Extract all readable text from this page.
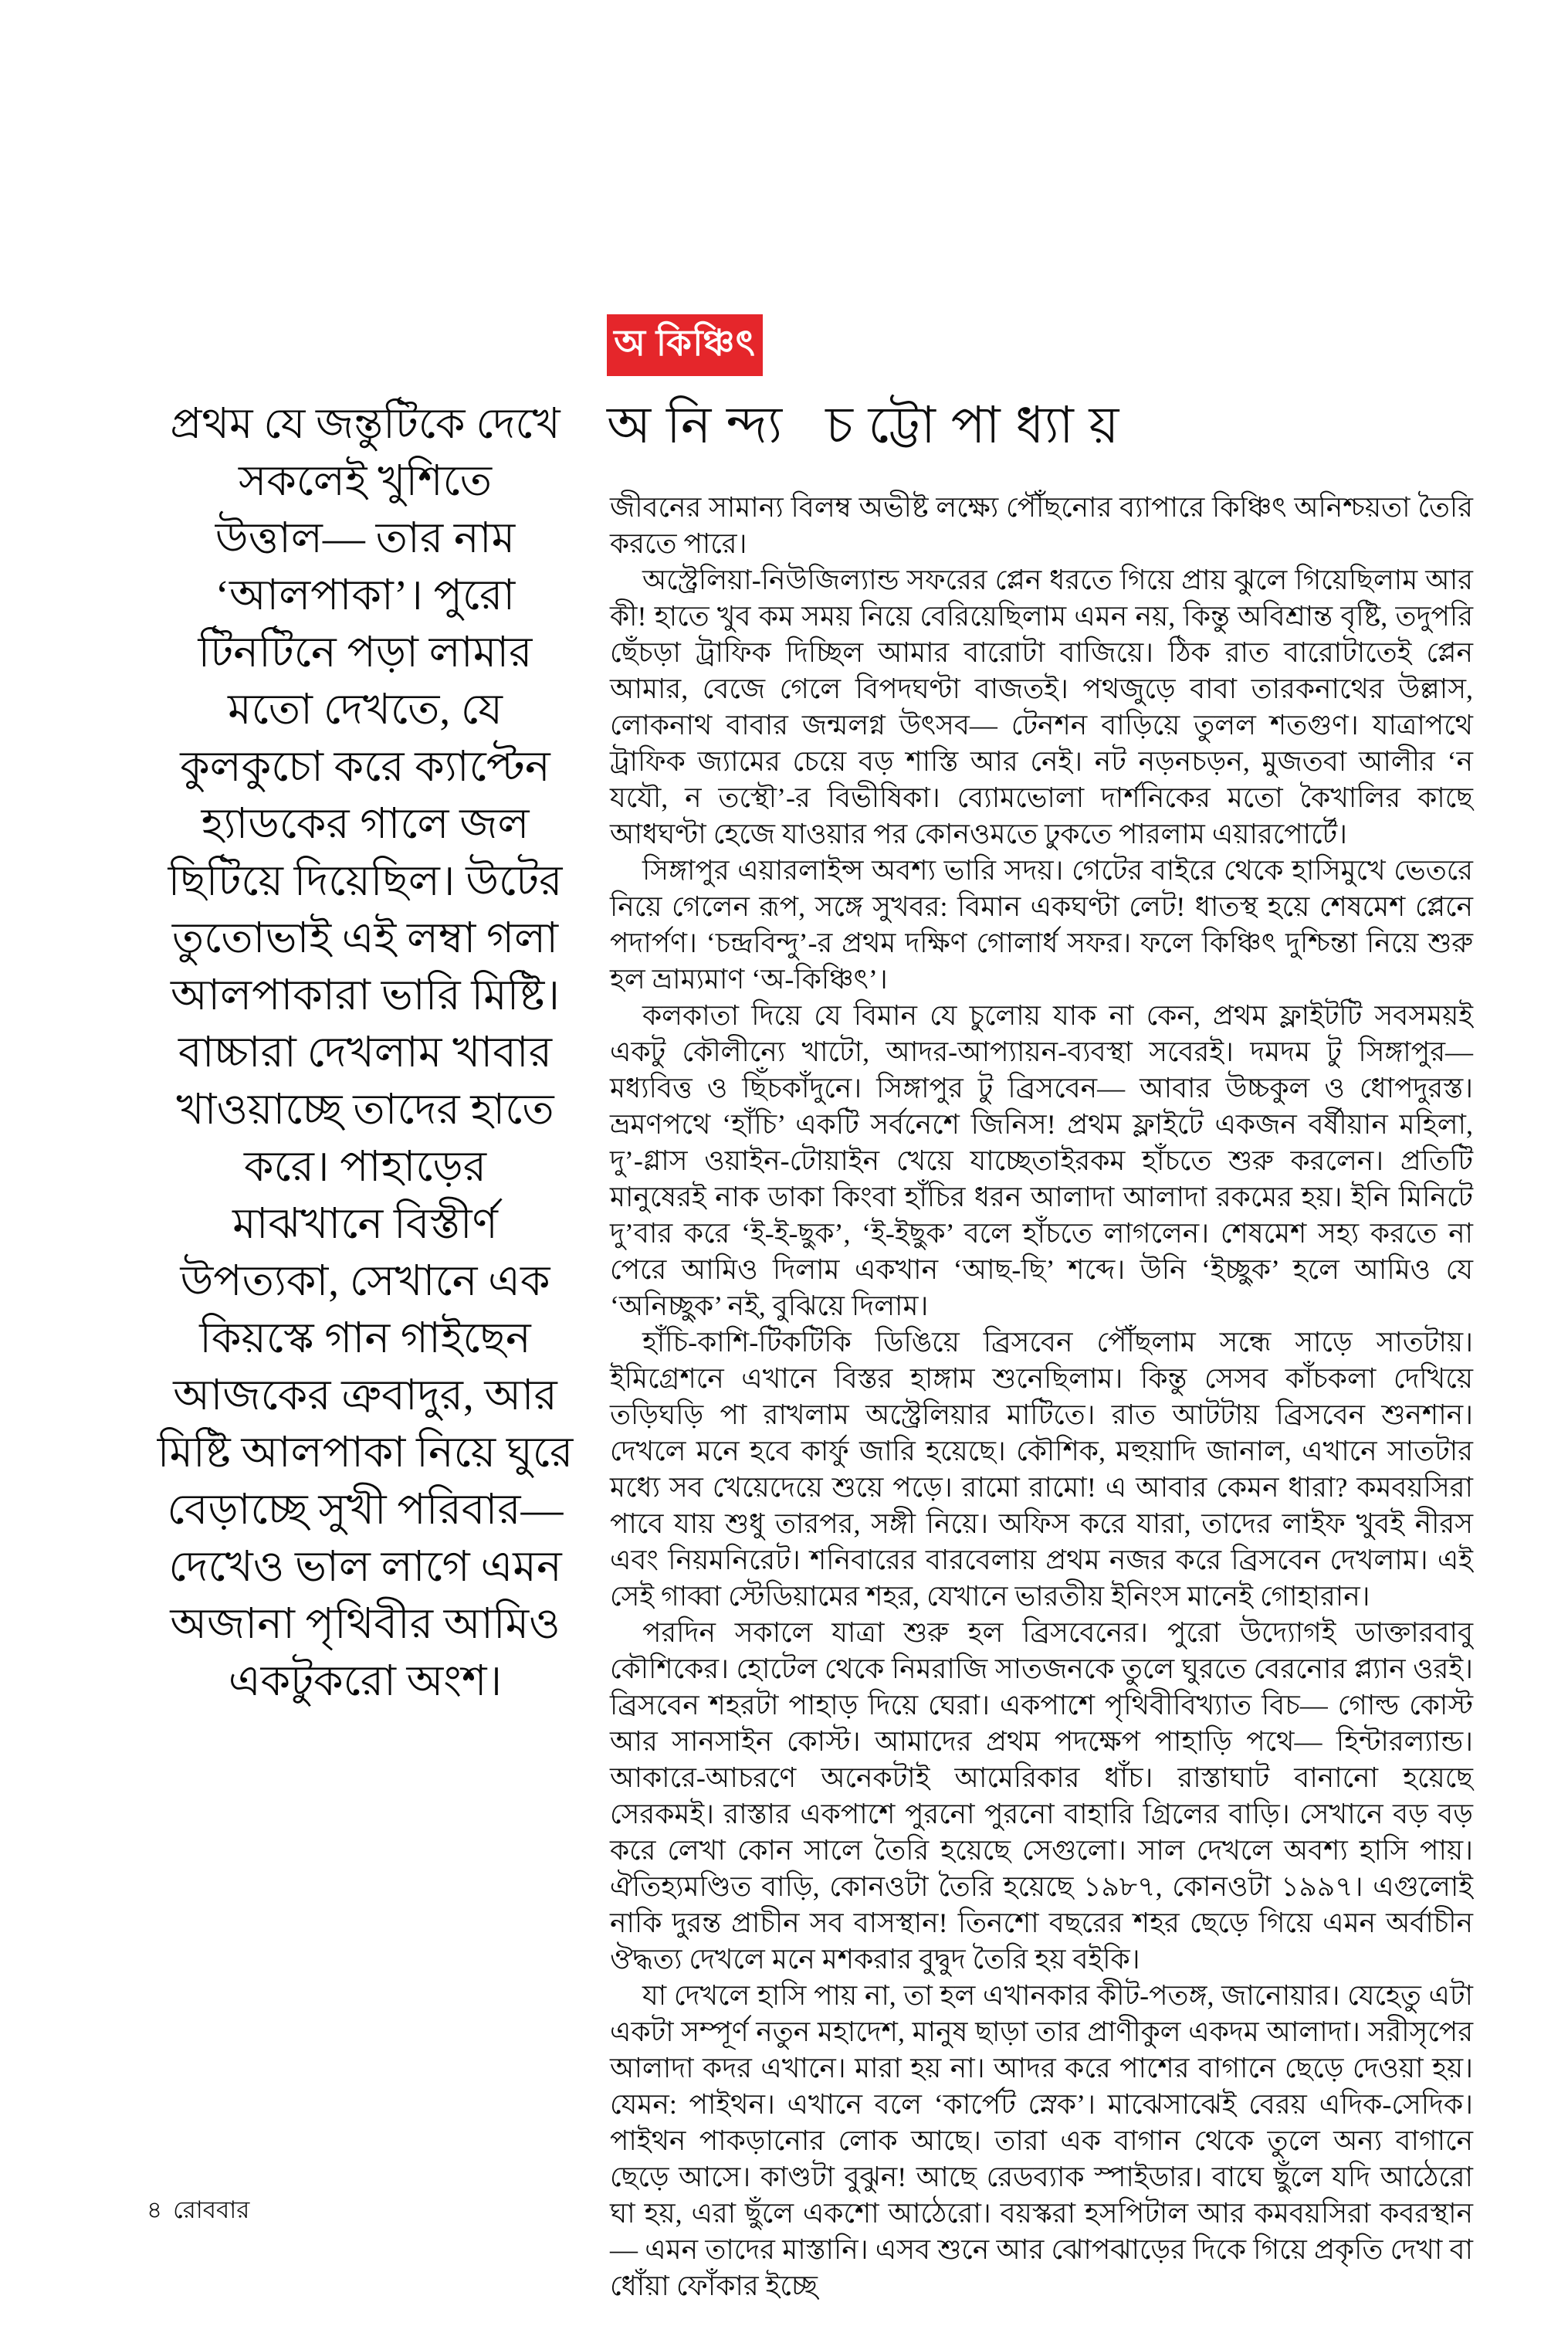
প্রথম যে জন্তুটিকে দেখে
সকলেই খুশিতে
উত্তাল— তার নাম
‘আলপাকা’। পুরো
টিনটিনে পড়া লামার
মতো দেখতে, যে
কুলকুচো করে ক্যাপ্টেন
হ্যাডকের গালে জল
ছিটিয়ে দিয়েছিল। উটের
তুতোভাই এই লম্বা গলা
আলপাকারা ভারি মিষ্টি।
বাচ্চারা দেখলাম খাবার
খাওয়াচ্ছে তাদের হাতে
করে। পাহাড়ের
মাঝখানে বিস্তীর্ণ
উপত্যকা, সেখানে এক
কিয়স্কে গান গাইছেন
আজকের ত্রুবাদুর, আর
মিষ্টি আলপাকা নিয়ে ঘুরে
বেড়াচ্ছে সুখী পরিবার—
দেখেও ভাল লাগে এমন
অজানা পৃথিবীর আমিও
একটুকরো অংশ।
অ কিঞ্চিৎ
অনিন্দ্য চট্টোপাধ্যায়

জীবনের সামান্য বিলম্ব অভীষ্ট লক্ষ্যে পৌঁছনোর ব্যাপারে কিঞ্চিৎ অনিশ্চয়তা তৈরি করতে পারে।

অস্ট্রেলিয়া-নিউজিল্যান্ড সফরের প্লেন ধরতে গিয়ে প্রায় ঝুলে গিয়েছিলাম আর কী! হাতে খুব কম সময় নিয়ে বেরিয়েছিলাম এমন নয়, কিন্তু অবিশ্রান্ত বৃষ্টি, তদুপরি ছেঁচড়া ট্রাফিক দিচ্ছিল আমার বারোটা বাজিয়ে। ঠিক রাত বারোটাতেই প্লেন আমার, বেজে গেলে বিপদঘণ্টা বাজতই। পথজুড়ে বাবা তারকনাথের উল্লাস, লোকনাথ বাবার জন্মলগ্ন উৎসব— টেনশন বাড়িয়ে তুলল শতগুণ। যাত্রাপথে ট্রাফিক জ্যামের চেয়ে বড় শাস্তি আর নেই। নট নড়নচড়ন, মুজতবা আলীর ‘ন যযৌ, ন তস্থৌ’-র বিভীষিকা। ব্যোমভোলা দার্শনিকের মতো কৈখালির কাছে আধঘণ্টা হেজে যাওয়ার পর কোনওমতে ঢুকতে পারলাম এয়ারপোর্টে।

সিঙ্গাপুর এয়ারলাইন্স অবশ্য ভারি সদয়। গেটের বাইরে থেকে হাসিমুখে ভেতরে নিয়ে গেলেন রূপ, সঙ্গে সুখবর: বিমান একঘণ্টা লেট! ধাতস্থ হয়ে শেষমেশ প্লেনে পদার্পণ। ‘চন্দ্রবিন্দু’-র প্রথম দক্ষিণ গোলার্ধ সফর। ফলে কিঞ্চিৎ দুশ্চিন্তা নিয়ে শুরু হল ভ্রাম্যমাণ ‘অ-কিঞ্চিৎ’।

কলকাতা দিয়ে যে বিমান যে চুলোয় যাক না কেন, প্রথম ফ্লাইটটি সবসময়ই একটু কৌলীন্যে খাটো, আদর-আপ্যায়ন-ব্যবস্থা সবেরই। দমদম টু সিঙ্গাপুর— মধ্যবিত্ত ও ছিঁচকাঁদুনে। সিঙ্গাপুর টু ব্রিসবেন— আবার উচ্চকুল ও ধোপদুরস্ত। ভ্রমণপথে ‘হাঁচি’ একটি সর্বনেশে জিনিস! প্রথম ফ্লাইটে একজন বর্ষীয়ান মহিলা, দু’-গ্লাস ওয়াইন-টোয়াইন খেয়ে যাচ্ছেতাইরকম হাঁচতে শুরু করলেন। প্রতিটি মানুষেরই নাক ডাকা কিংবা হাঁচির ধরন আলাদা আলাদা রকমের হয়। ইনি মিনিটে দু’বার করে ‘ই-ই-ছুক’, ‘ই-ইছুক’ বলে হাঁচতে লাগলেন। শেষমেশ সহ্য করতে না পেরে আমিও দিলাম একখান ‘আছ-ছি’ শব্দে। উনি ‘ইচ্ছুক’ হলে আমিও যে ‘অনিচ্ছুক’ নই, বুঝিয়ে দিলাম।

হাঁচি-কাশি-টিকটিকি ডিঙিয়ে ব্রিসবেন পৌঁছলাম সন্ধে সাড়ে সাতটায়। ইমিগ্রেশনে এখানে বিস্তর হাঙ্গাম শুনেছিলাম। কিন্তু সেসব কাঁচকলা দেখিয়ে তড়িঘড়ি পা রাখলাম অস্ট্রেলিয়ার মাটিতে। রাত আটটায় ব্রিসবেন শুনশান। দেখলে মনে হবে কার্ফু জারি হয়েছে। কৌশিক, মহুয়াদি জানাল, এখানে সাতটার মধ্যে সব খেয়েদেয়ে শুয়ে পড়ে। রামো রামো! এ আবার কেমন ধারা? কমবয়সিরা পাবে যায় শুধু তারপর, সঙ্গী নিয়ে। অফিস করে যারা, তাদের লাইফ খুবই নীরস এবং নিয়মনিরেট। শনিবারের বারবেলায় প্রথম নজর করে ব্রিসবেন দেখলাম। এই সেই গাব্বা স্টেডিয়ামের শহর, যেখানে ভারতীয় ইনিংস মানেই গোহারান।

পরদিন সকালে যাত্রা শুরু হল ব্রিসবেনের। পুরো উদ্যোগই ডাক্তারবাবু কৌশিকের। হোটেল থেকে নিমরাজি সাতজনকে তুলে ঘুরতে বেরনোর প্ল্যান ওরই। ব্রিসবেন শহরটা পাহাড় দিয়ে ঘেরা। একপাশে পৃথিবীবিখ্যাত বিচ— গোল্ড কোস্ট আর সানসাইন কোস্ট। আমাদের প্রথম পদক্ষেপ পাহাড়ি পথে— হিন্টারল্যান্ড। আকারে-আচরণে অনেকটাই আমেরিকার ধাঁচ। রাস্তাঘাট বানানো হয়েছে সেরকমই। রাস্তার একপাশে পুরনো পুরনো বাহারি গ্রিলের বাড়ি। সেখানে বড় বড় করে লেখা কোন সালে তৈরি হয়েছে সেগুলো। সাল দেখলে অবশ্য হাসি পায়। ঐতিহ্যমণ্ডিত বাড়ি, কোনওটা তৈরি হয়েছে ১৯৮৭, কোনওটা ১৯৯৭। এগুলোই নাকি দুরন্ত প্রাচীন সব বাসস্থান! তিনশো বছরের শহর ছেড়ে গিয়ে এমন অর্বাচীন ঔদ্ধত্য দেখলে মনে মশকরার বুদ্বুদ তৈরি হয় বইকি।

যা দেখলে হাসি পায় না, তা হল এখানকার কীট-পতঙ্গ, জানোয়ার। যেহেতু এটা একটা সম্পূর্ণ নতুন মহাদেশ, মানুষ ছাড়া তার প্রাণীকুল একদম আলাদা। সরীসৃপের আলাদা কদর এখানে। মারা হয় না। আদর করে পাশের বাগানে ছেড়ে দেওয়া হয়। যেমন: পাইথন। এখানে বলে ‘কার্পেট স্নেক’। মাঝেসাঝেই বেরয় এদিক-সেদিক। পাইথন পাকড়ানোর লোক আছে। তারা এক বাগান থেকে তুলে অন্য বাগানে ছেড়ে আসে। কাণ্ডটা বুঝুন! আছে রেডব্যাক স্পাইডার। বাঘে ছুঁলে যদি আঠেরো ঘা হয়, এরা ছুঁলে একশো আঠেরো। বয়স্করা হসপিটাল আর কমবয়সিরা কবরস্থান— এমন তাদের মাস্তানি। এসব শুনে আর ঝোপঝাড়ের দিকে গিয়ে প্রকৃতি দেখা বা ধোঁয়া ফোঁকার ইচ্ছে

৪ রোববার
